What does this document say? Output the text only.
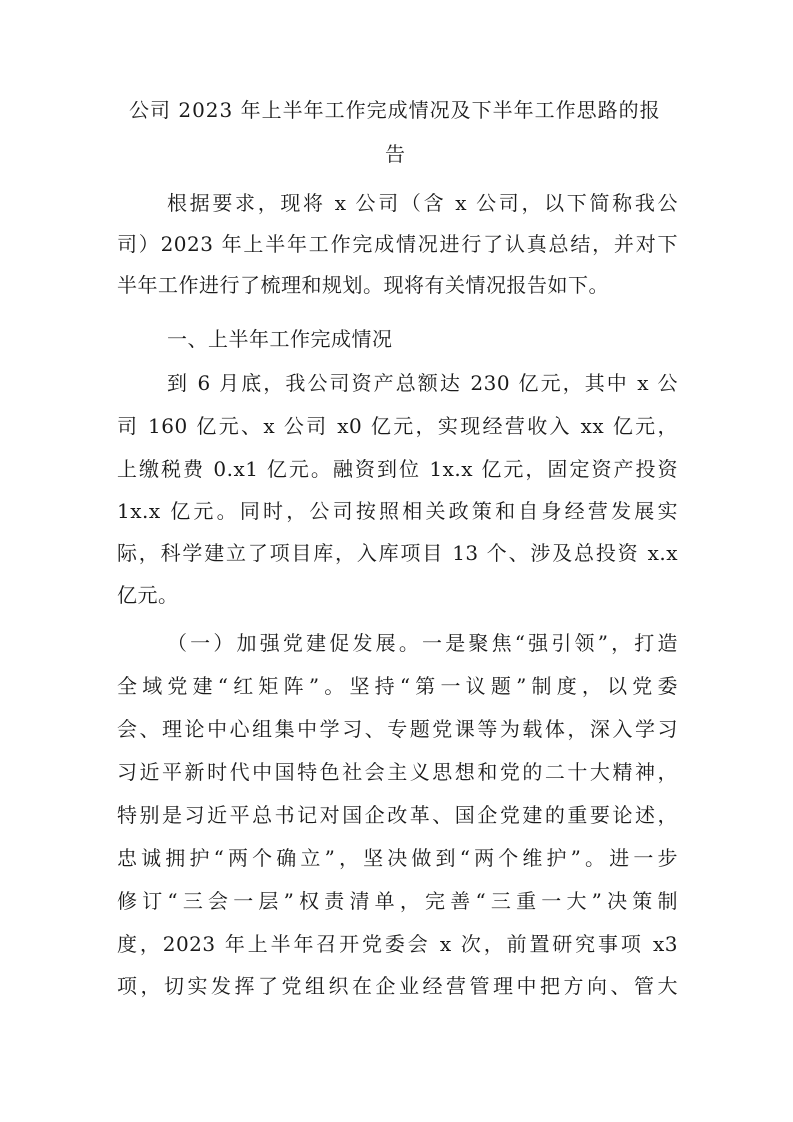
公司 2023 年上半年工作完成情况及下半年工作思路的报
告
根据要求，现将 x 公司（含 x 公司，以下简称我公
司）2023 年上半年工作完成情况进行了认真总结，并对下
半年工作进行了梳理和规划。现将有关情况报告如下。
一、上半年工作完成情况
到 6 月底，我公司资产总额达 230 亿元，其中 x 公
司 160 亿元、x 公司 x0 亿元，实现经营收入 xx 亿元，
上缴税费 0.x1 亿元。融资到位 1x.x 亿元，固定资产投资
1x.x 亿元。同时，公司按照相关政策和自身经营发展实
际，科学建立了项目库，入库项目 13 个、涉及总投资 x.x
亿元。
（一）加强党建促发展。一是聚焦“强引领”，打造
全域党建“红矩阵”。坚持“第一议题”制度，以党委
会、理论中心组集中学习、专题党课等为载体，深入学习
习近平新时代中国特色社会主义思想和党的二十大精神，
特别是习近平总书记对国企改革、国企党建的重要论述，
忠诚拥护“两个确立”，坚决做到“两个维护”。进一步
修订“三会一层”权责清单，完善“三重一大”决策制
度，2023 年上半年召开党委会 x 次，前置研究事项 x3
项，切实发挥了党组织在企业经营管理中把方向、管大
